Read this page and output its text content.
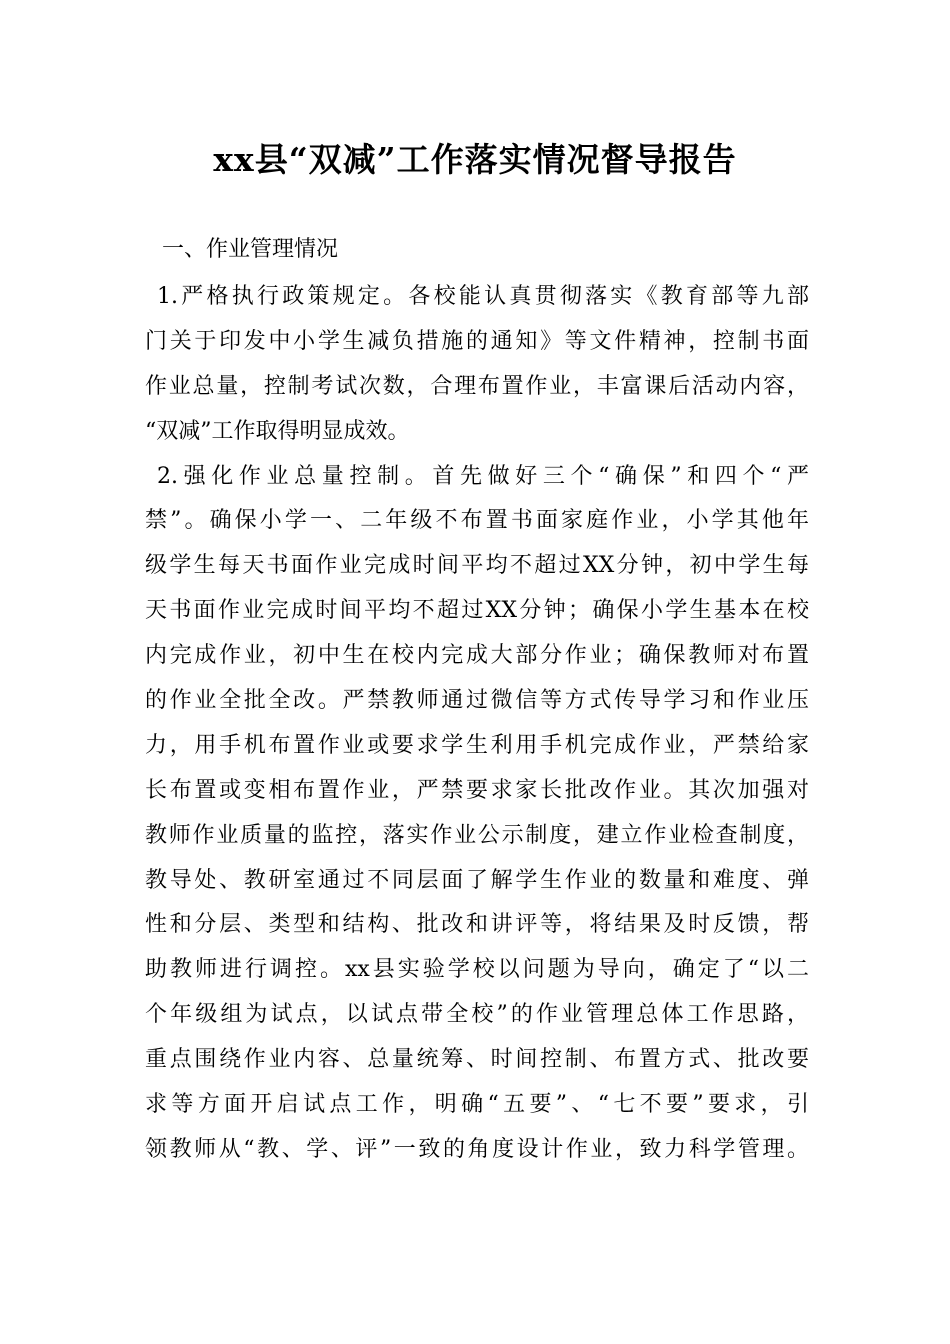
xx县“双减”工作落实情况督导报告
一、作业管理情况
1.严格执行政策规定。各校能认真贯彻落实《教育部等九部
门关于印发中小学生减负措施的通知》等文件精神，控制书面
作业总量，控制考试次数，合理布置作业，丰富课后活动内容，
“双减”工作取得明显成效。
2.强化作业总量控制。首先做好三个“确保”和四个“严
禁”。确保小学一、二年级不布置书面家庭作业，小学其他年
级学生每天书面作业完成时间平均不超过XX分钟，初中学生每
天书面作业完成时间平均不超过XX分钟；确保小学生基本在校
内完成作业，初中生在校内完成大部分作业；确保教师对布置
的作业全批全改。严禁教师通过微信等方式传导学习和作业压
力，用手机布置作业或要求学生利用手机完成作业，严禁给家
长布置或变相布置作业，严禁要求家长批改作业。其次加强对
教师作业质量的监控，落实作业公示制度，建立作业检查制度，
教导处、教研室通过不同层面了解学生作业的数量和难度、弹
性和分层、类型和结构、批改和讲评等，将结果及时反馈，帮
助教师进行调控。xx县实验学校以问题为导向，确定了“以二
个年级组为试点，以试点带全校”的作业管理总体工作思路，
重点围绕作业内容、总量统筹、时间控制、布置方式、批改要
求等方面开启试点工作，明确“五要”、“七不要”要求，引
领教师从“教、学、评”一致的角度设计作业，致力科学管理。
